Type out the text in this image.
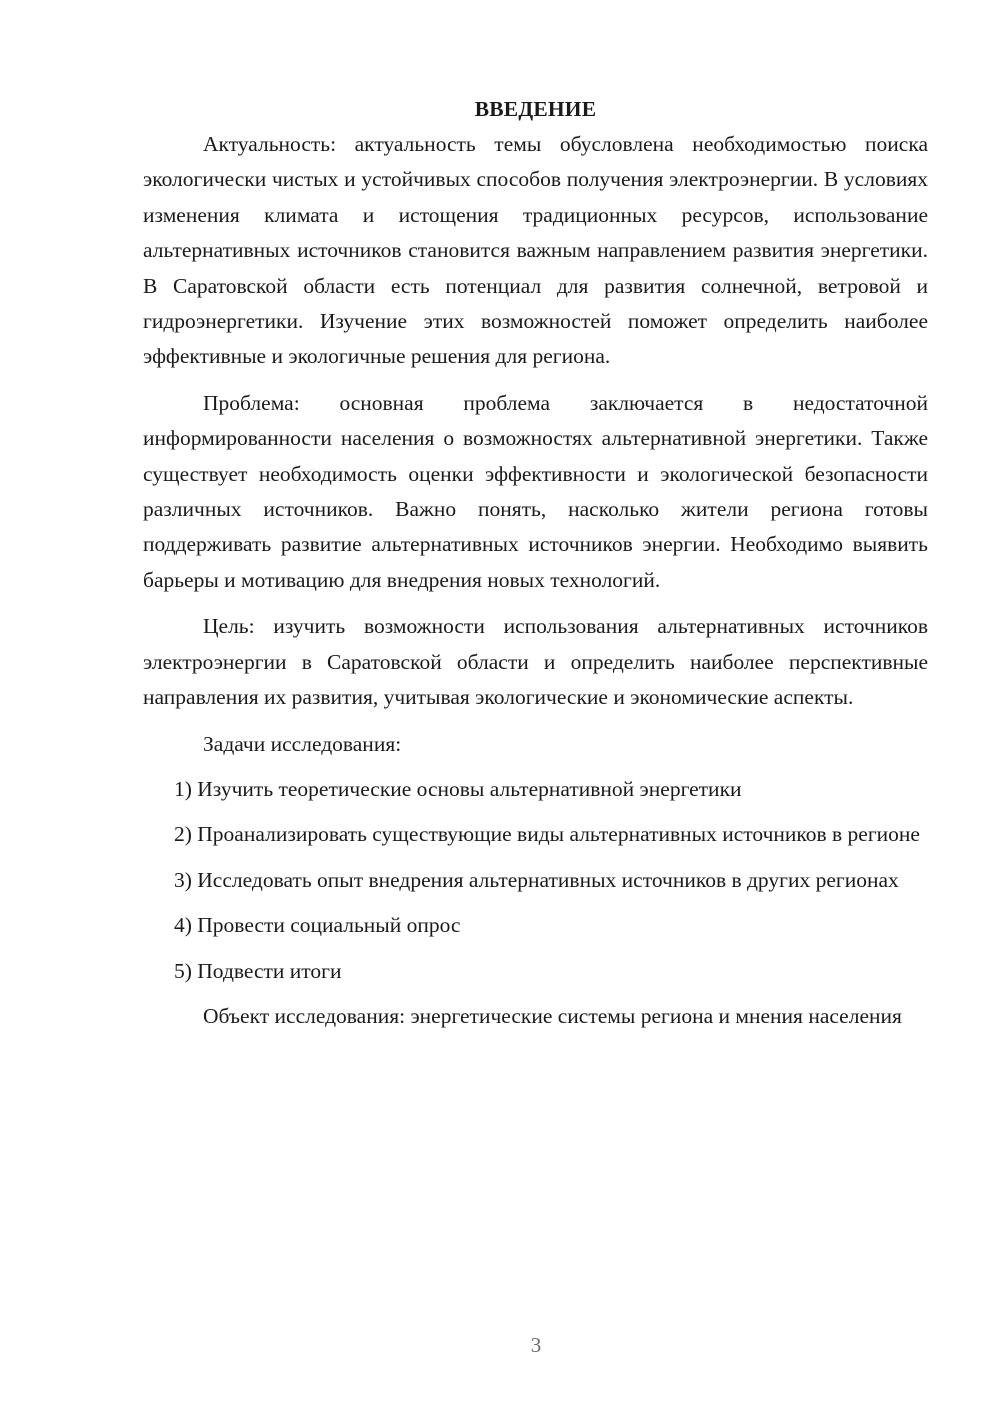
ВВЕДЕНИЕ

Актуальность: актуальность темы обусловлена необходимостью поиска экологически чистых и устойчивых способов получения электроэнергии. В условиях изменения климата и истощения традиционных ресурсов, использование альтернативных источников становится важным направлением развития энергетики. В Саратовской области есть потенциал для развития солнечной, ветровой и гидроэнергетики. Изучение этих возможностей поможет определить наиболее эффективные и экологичные решения для региона.

Проблема: основная проблема заключается в недостаточной информированности населения о возможностях альтернативной энергетики. Также существует необходимость оценки эффективности и экологической безопасности различных источников. Важно понять, насколько жители региона готовы поддерживать развитие альтернативных источников энергии. Необходимо выявить барьеры и мотивацию для внедрения новых технологий.

Цель: изучить возможности использования альтернативных источников электроэнергии в Саратовской области и определить наиболее перспективные направления их развития, учитывая экологические и экономические аспекты.

Задачи исследования:

1) Изучить теоретические основы альтернативной энергетики

2) Проанализировать существующие виды альтернативных источников в регионе

3) Исследовать опыт внедрения альтернативных источников в других регионах

4) Провести социальный опрос

5) Подвести итоги

Объект исследования: энергетические системы региона и мнения населения

3
